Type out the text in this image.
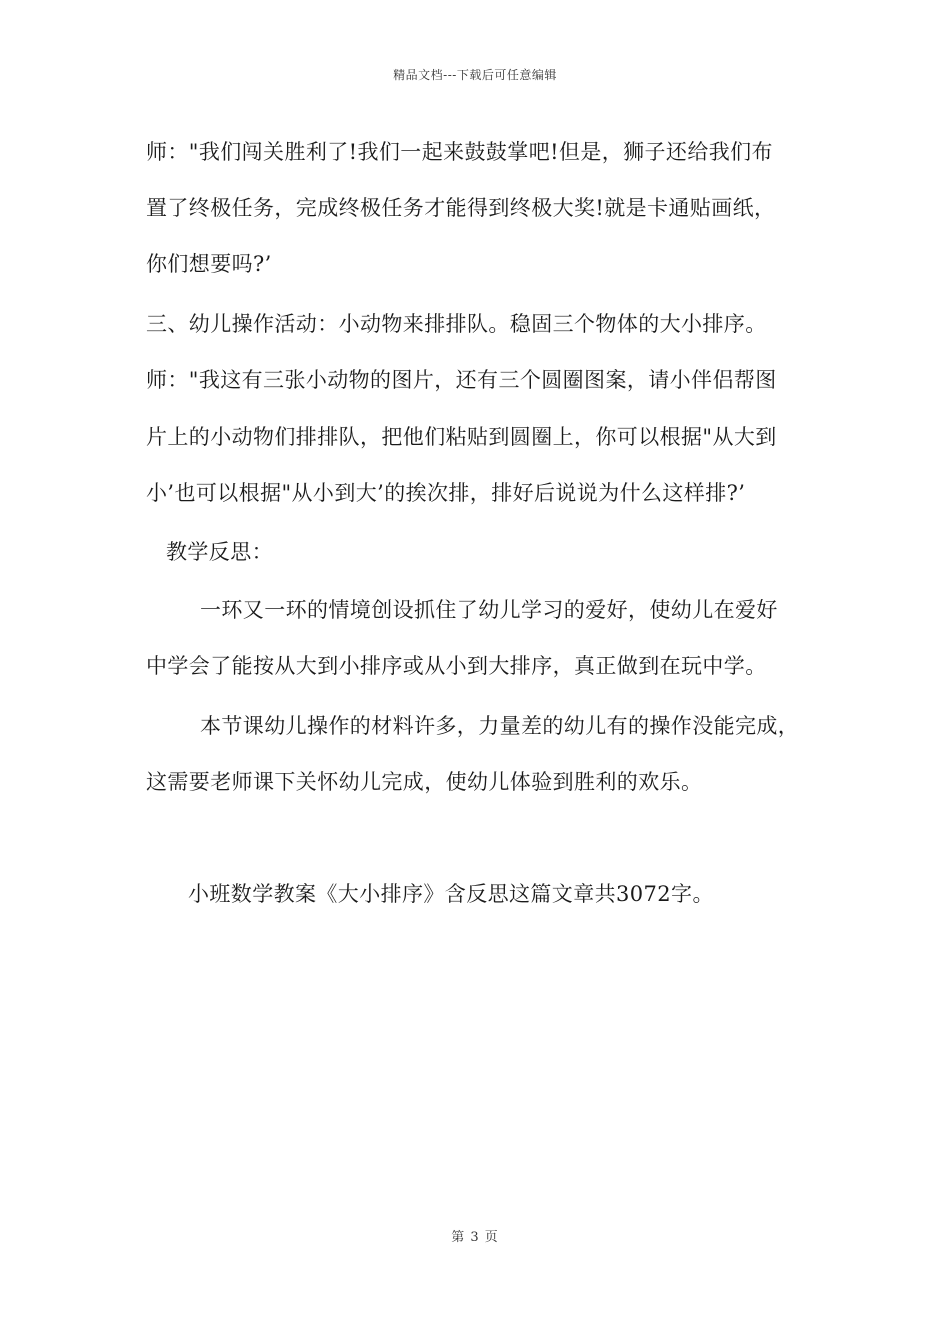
精品文档---下载后可任意编辑
师："我们闯关胜利了!我们一起来鼓鼓掌吧!但是，狮子还给我们布
置了终极任务，完成终极任务才能得到终极大奖!就是卡通贴画纸，
你们想要吗?’
三、幼儿操作活动：小动物来排排队。稳固三个物体的大小排序。
师："我这有三张小动物的图片，还有三个圆圈图案，请小伴侣帮图
片上的小动物们排排队，把他们粘贴到圆圈上，你可以根据"从大到
小’也可以根据"从小到大’的挨次排，排好后说说为什么这样排?’
教学反思：
一环又一环的情境创设抓住了幼儿学习的爱好，使幼儿在爱好
中学会了能按从大到小排序或从小到大排序，真正做到在玩中学。
本节课幼儿操作的材料许多，力量差的幼儿有的操作没能完成，
这需要老师课下关怀幼儿完成，使幼儿体验到胜利的欢乐。
小班数学教案《大小排序》含反思这篇文章共3072字。
第 3 页
